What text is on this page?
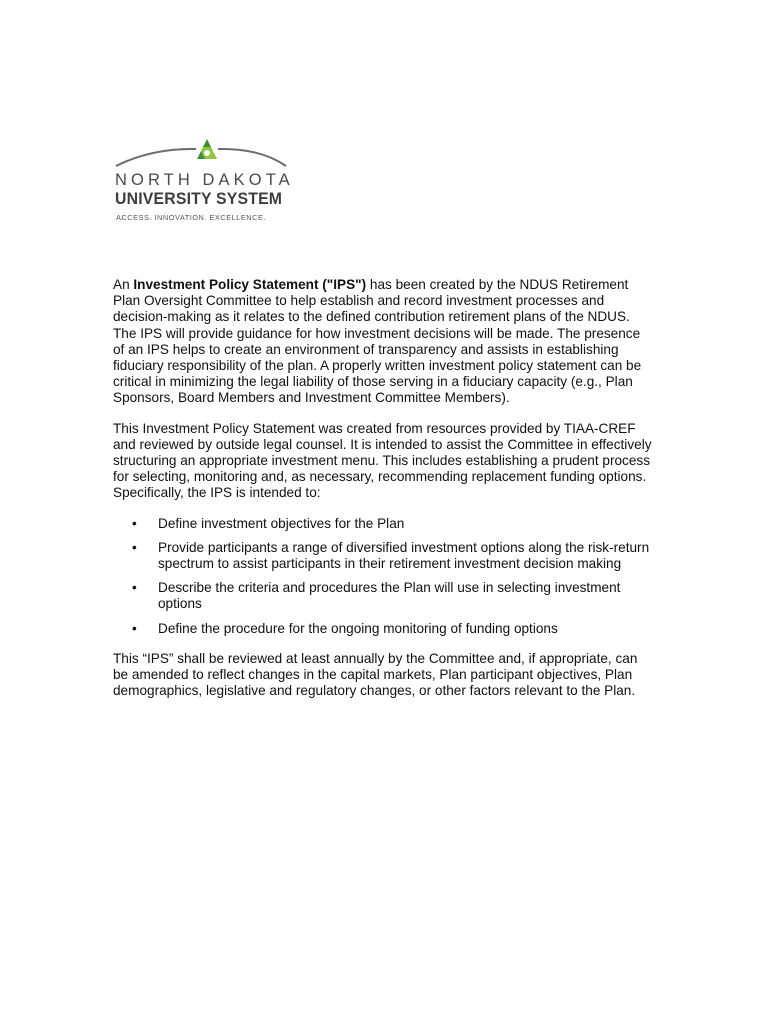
NORTH DAKOTA
UNIVERSITY SYSTEM
ACCESS. INNOVATION. EXCELLENCE.

An Investment Policy Statement ("IPS") has been created by the NDUS Retirement Plan Oversight Committee to help establish and record investment processes and decision-making as it relates to the defined contribution retirement plans of the NDUS. The IPS will provide guidance for how investment decisions will be made. The presence of an IPS helps to create an environment of transparency and assists in establishing fiduciary responsibility of the plan. A properly written investment policy statement can be critical in minimizing the legal liability of those serving in a fiduciary capacity (e.g., Plan Sponsors, Board Members and Investment Committee Members).

This Investment Policy Statement was created from resources provided by TIAA-CREF and reviewed by outside legal counsel. It is intended to assist the Committee in effectively structuring an appropriate investment menu. This includes establishing a prudent process for selecting, monitoring and, as necessary, recommending replacement funding options. Specifically, the IPS is intended to:

• Define investment objectives for the Plan
• Provide participants a range of diversified investment options along the risk-return spectrum to assist participants in their retirement investment decision making
• Describe the criteria and procedures the Plan will use in selecting investment options
• Define the procedure for the ongoing monitoring of funding options

This “IPS” shall be reviewed at least annually by the Committee and, if appropriate, can be amended to reflect changes in the capital markets, Plan participant objectives, Plan demographics, legislative and regulatory changes, or other factors relevant to the Plan.
